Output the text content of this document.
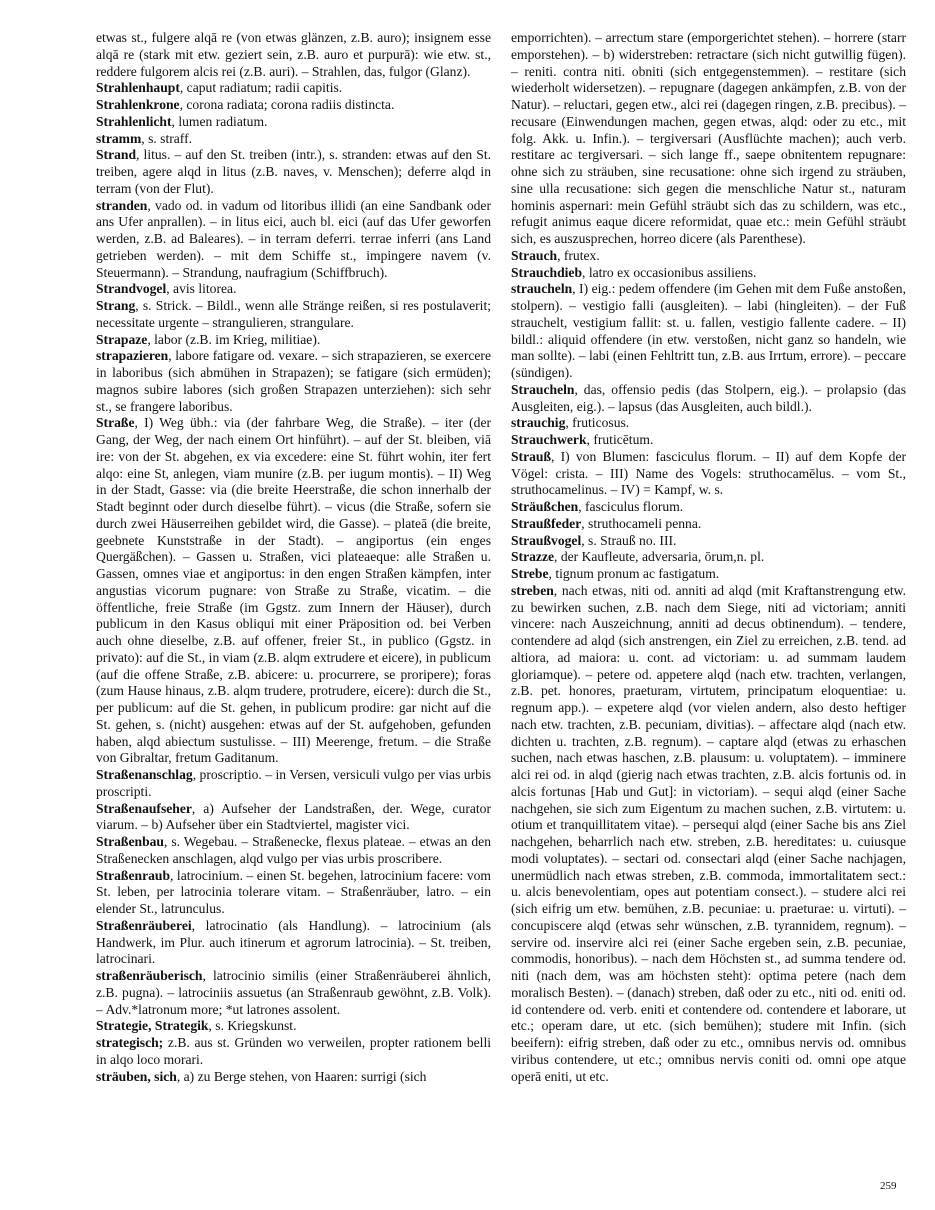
etwas st., fulgere alqā re (von etwas glänzen, z.B. auro); insignem esse alqā re (stark mit etw. geziert sein, z.B. auro et purpurā): wie etw. st., reddere fulgorem alcis rei (z.B. auri). – Strahlen, das, fulgor (Glanz).

Strahlenhaupt, caput radiatum; radii capitis.

Strahlenkrone, corona radiata; corona radiis distincta.

Strahlenlicht, lumen radiatum.

stramm, s. straff.

Strand, litus. – auf den St. treiben (intr.), s. stranden: etwas auf den St. treiben, agere alqd in litus (z.B. naves, v. Menschen); deferre alqd in terram (von der Flut).

stranden, vado od. in vadum od litoribus illidi (an eine Sandbank oder ans Ufer anprallen). – in litus eici, auch bl. eici (auf das Ufer geworfen werden, z.B. ad Baleares). – in terram deferri. terrae inferri (ans Land getrieben werden). – mit dem Schiffe st., impingere navem (v. Steuermann). – Strandung, naufragium (Schiffbruch).

Strandvogel, avis litorea.

Strang, s. Strick. – Bildl., wenn alle Stränge reißen, si res postulaverit; necessitate urgente – strangulieren, strangulare.

Strapaze, labor (z.B. im Krieg, militiae).

strapazieren, labore fatigare od. vexare. – sich strapazieren, se exercere in laboribus (sich abmühen in Strapazen); se fatigare (sich ermüden); magnos subire labores (sich großen Strapazen unterziehen): sich sehr st., se frangere laboribus.

Straße, I) Weg übh.: via (der fahrbare Weg, die Straße). – iter (der Gang, der Weg, der nach einem Ort hinführt). – auf der St. bleiben, viā ire: von der St. abgehen, ex via excedere: eine St. führt wohin, iter fert alqo: eine St, anlegen, viam munire (z.B. per iugum montis). – II) Weg in der Stadt, Gasse: via (die breite Heerstraße, die schon innerhalb der Stadt beginnt oder durch dieselbe führt). – vicus (die Straße, sofern sie durch zwei Häuserreihen gebildet wird, die Gasse). – plateā (die breite, geebnete Kunststraße in der Stadt). – angiportus (ein enges Quergäßchen). – Gassen u. Straßen, vici plateaeque: alle Straßen u. Gassen, omnes viae et angiportus: in den engen Straßen kämpfen, inter angustias vicorum pugnare: von Straße zu Straße, vicatim. – die öffentliche, freie Straße (im Ggstz. zum Innern der Häuser), durch publicum in den Kasus obliqui mit einer Präposition od. bei Verben auch ohne dieselbe, z.B. auf offener, freier St., in publico (Ggstz. in privato): auf die St., in viam (z.B. alqm extrudere et eicere), in publicum (auf die offene Straße, z.B. abicere: u. procurrere, se proripere); foras (zum Hause hinaus, z.B. alqm trudere, protrudere, eicere): durch die St., per publicum: auf die St. gehen, in publicum prodire: gar nicht auf die St. gehen, s. (nicht) ausgehen: etwas auf der St. aufgehoben, gefunden haben, alqd abiectum sustulisse. – III) Meerenge, fretum. – die Straße von Gibraltar, fretum Gaditanum.

Straßenanschlag, proscriptio. – in Versen, versiculi vulgo per vias urbis proscripti.

Straßenaufseher, a) Aufseher der Landstraßen, der. Wege, curator viarum. – b) Aufseher über ein Stadtviertel, magister vici.

Straßenbau, s. Wegebau. – Straßenecke, flexus plateae. – etwas an den Straßenecken anschlagen, alqd vulgo per vias urbis proscribere.

Straßenraub, latrocinium. – einen St. begehen, latrocinium facere: vom St. leben, per latrocinia tolerare vitam. – Straßenräuber, latro. – ein elender St., latrunculus.

Straßenräuberei, latrocinatio (als Handlung). – latrocinium (als Handwerk, im Plur. auch itinerum et agrorum latrocinia). – St. treiben, latrocinari.

straßenräuberisch, latrocinio similis (einer Straßenräuberei ähnlich, z.B. pugna). – latrociniis assuetus (an Straßenraub gewöhnt, z.B. Volk). – Adv.*latronum more; *ut latrones assolent.

Strategie, Strategik, s. Kriegskunst.

strategisch; z.B. aus st. Gründen wo verweilen, propter rationem belli in alqo loco morari.

sträuben, sich, a) zu Berge stehen, von Haaren: surrigi (sich

emporrichten). – arrectum stare (emporgerichtet stehen). – horrere (starr emporstehen). – b) widerstreben: retractare (sich nicht gutwillig fügen). – reniti. contra niti. obniti (sich entgegenstemmen). – restitare (sich wiederholt widersetzen). – repugnare (dagegen ankämpfen, z.B. von der Natur). – reluctari, gegen etw., alci rei (dagegen ringen, z.B. precibus). – recusare (Einwendungen machen, gegen etwas, alqd: oder zu etc., mit folg. Akk. u. Infin.). – tergiversari (Ausflüchte machen); auch verb. restitare ac tergiversari. – sich lange ff., saepe obnitentem repugnare: ohne sich zu sträuben, sine recusatione: ohne sich irgend zu sträuben, sine ulla recusatione: sich gegen die menschliche Natur st., naturam hominis aspernari: mein Gefühl sträubt sich das zu schildern, was etc., refugit animus eaque dicere reformidat, quae etc.: mein Gefühl sträubt sich, es auszusprechen, horreo dicere (als Parenthese).

Strauch, frutex.

Strauchdieb, latro ex occasionibus assiliens.

straucheln, I) eig.: pedem offendere (im Gehen mit dem Fuße anstoßen, stolpern). – vestigio falli (ausgleiten). – labi (hingleiten). – der Fuß strauchelt, vestigium fallit: st. u. fallen, vestigio fallente cadere. – II) bildl.: aliquid offendere (in etw. verstoßen, nicht ganz so handeln, wie man sollte). – labi (einen Fehltritt tun, z.B. aus Irrtum, errore). – peccare (sündigen).

Straucheln, das, offensio pedis (das Stolpern, eig.). – prolapsio (das Ausgleiten, eig.). – lapsus (das Ausgleiten, auch bildl.).

strauchig, fruticosus.

Strauchwerk, fruticētum.

Strauß, I) von Blumen: fasciculus florum. – II) auf dem Kopfe der Vögel: crista. – III) Name des Vogels: struthocamēlus. – vom St., struthocamelinus. – IV) = Kampf, w. s.

Sträußchen, fasciculus florum.

Straußfeder, struthocameli penna.

Straußvogel, s. Strauß no. III.

Strazze, der Kaufleute, adversaria, ōrum,n. pl.

Strebe, tignum pronum ac fastigatum.

streben, nach etwas, niti od. anniti ad alqd (mit Kraftanstrengung etw. zu bewirken suchen, z.B. nach dem Siege, niti ad victoriam; anniti vincere: nach Auszeichnung, anniti ad decus obtinendum). – tendere, contendere ad alqd (sich anstrengen, ein Ziel zu erreichen, z.B. tend. ad altiora, ad maiora: u. cont. ad victoriam: u. ad summam laudem gloriamque). – petere od. appetere alqd (nach etw. trachten, verlangen, z.B. pet. honores, praeturam, virtutem, principatum eloquentiae: u. regnum app.). – expetere alqd (vor vielen andern, also desto heftiger nach etw. trachten, z.B. pecuniam, divitias). – affectare alqd (nach etw. dichten u. trachten, z.B. regnum). – captare alqd (etwas zu erhaschen suchen, nach etwas haschen, z.B. plausum: u. voluptatem). – imminere alci rei od. in alqd (gierig nach etwas trachten, z.B. alcis fortunis od. in alcis fortunas [Hab und Gut]: in victoriam). – sequi alqd (einer Sache nachgehen, sie sich zum Eigentum zu machen suchen, z.B. virtutem: u. otium et tranquillitatem vitae). – persequi alqd (einer Sache bis ans Ziel nachgehen, beharrlich nach etw. streben, z.B. hereditates: u. cuiusque modi voluptates). – sectari od. consectari alqd (einer Sache nachjagen, unermüdlich nach etwas streben, z.B. commoda, immortalitatem sect.: u. alcis benevolentiam, opes aut potentiam consect.). – studere alci rei (sich eifrig um etw. bemühen, z.B. pecuniae: u. praeturae: u. virtuti). – concupiscere alqd (etwas sehr wünschen, z.B. tyrannidem, regnum). – servire od. inservire alci rei (einer Sache ergeben sein, z.B. pecuniae, commodis, honoribus). – nach dem Höchsten st., ad summa tendere od. niti (nach dem, was am höchsten steht): optima petere (nach dem moralisch Besten). – (danach) streben, daß oder zu etc., niti od. eniti od. id contendere od. verb. eniti et contendere od. contendere et laborare, ut etc.; operam dare, ut etc. (sich bemühen); studere mit Infin. (sich beeifern): eifrig streben, daß oder zu etc., omnibus nervis od. omnibus viribus contendere, ut etc.; omnibus nervis coniti od. omni ope atque operā eniti, ut etc.

259
